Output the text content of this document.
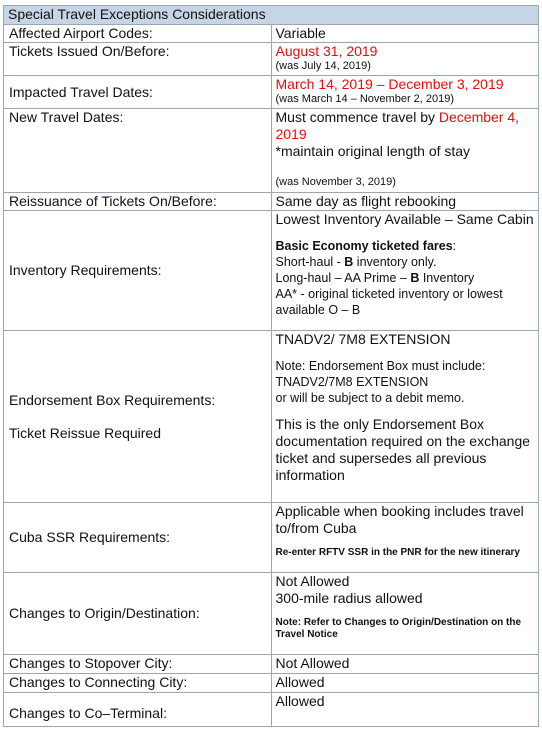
Special Travel Exceptions Considerations	
Affected Airport Codes:	Variable
Tickets Issued On/Before:	August 31, 2019
(was July 14, 2019)

Impacted Travel Dates:	March 14, 2019 – December 3, 2019
(was March 14 – November 2, 2019)

New Travel Dates:	Must commence travel by December 4, 2019
*maintain original length of stay
(was November 3, 2019)

Reissuance of Tickets On/Before:	Same day as flight rebooking
Inventory Requirements:	Lowest Inventory Available – Same Cabin
Basic Economy ticketed fares:
Short-haul - B inventory only.
Long-haul – AA Prime – B Inventory
AA* - original ticketed inventory or lowest available O – B

Endorsement Box Requirements:
Ticket Reissue Required	TNADV2/ 7M8 EXTENSION
Note: Endorsement Box must include:
TNADV2/7M8 EXTENSION
or will be subject to a debit memo.
This is the only Endorsement Box documentation required on the exchange ticket and supersedes all previous information

Cuba SSR Requirements:	Applicable when booking includes travel to/from Cuba
Re-enter RFTV SSR in the PNR for the new itinerary

Changes to Origin/Destination:	Not Allowed
300-mile radius allowed
Note: Refer to Changes to Origin/Destination on the Travel Notice

Changes to Stopover City:	Not Allowed
Changes to Connecting City:	Allowed
Changes to Co–Terminal:	Allowed
